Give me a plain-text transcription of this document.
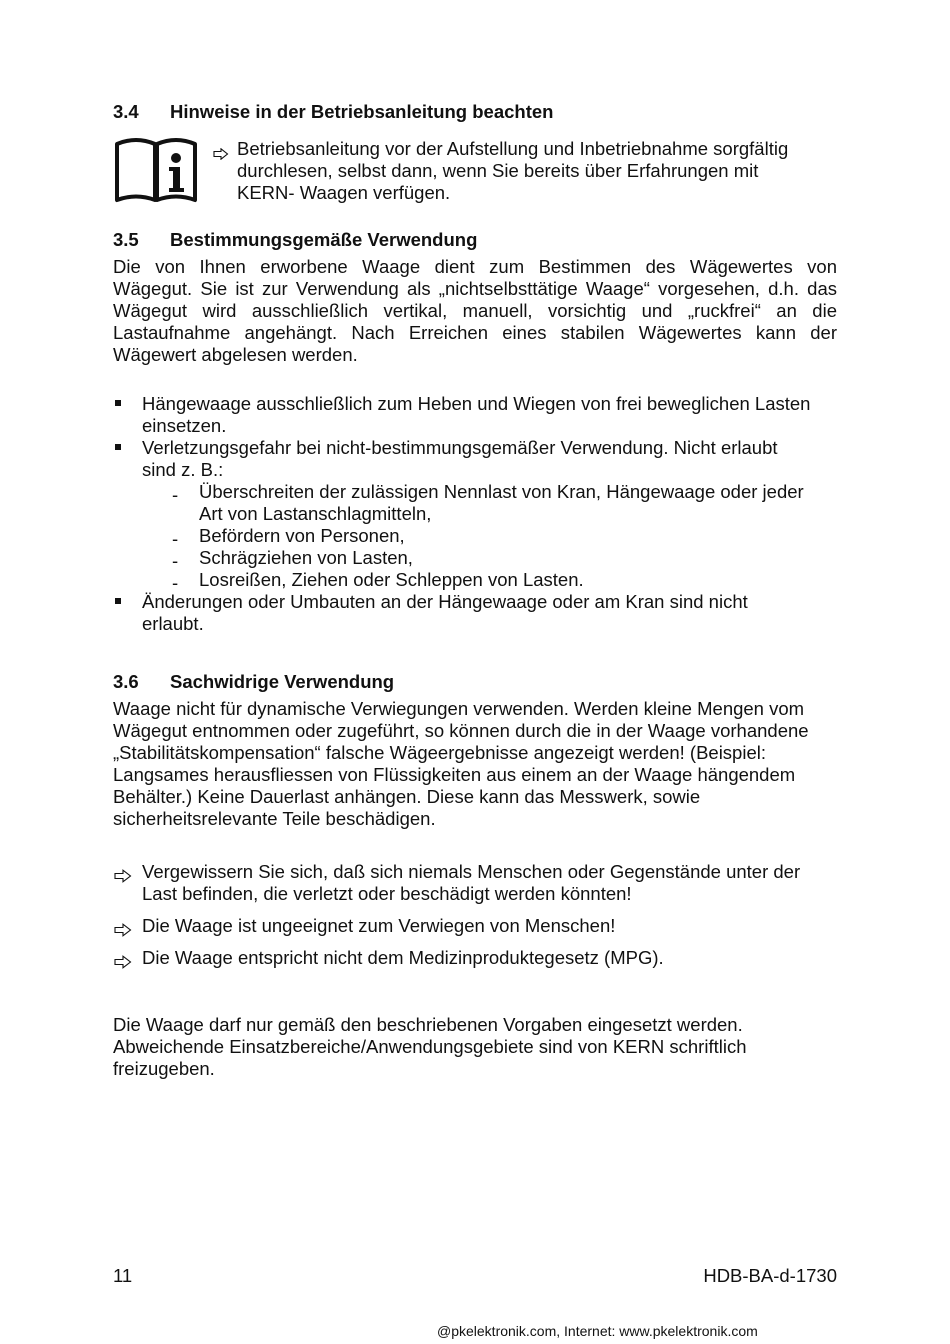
3.4 Hinweise in der Betriebsanleitung beachten
Betriebsanleitung vor der Aufstellung und Inbetriebnahme sorgfältig
durchlesen, selbst dann, wenn Sie bereits über Erfahrungen mit
KERN- Waagen verfügen.
3.5 Bestimmungsgemäße Verwendung
Die von Ihnen erworbene Waage dient zum Bestimmen des Wägewertes von
Wägegut. Sie ist zur Verwendung als „nichtselbsttätige Waage“ vorgesehen, d.h. das
Wägegut wird ausschließlich vertikal, manuell, vorsichtig und „ruckfrei“ an die
Lastaufnahme angehängt. Nach Erreichen eines stabilen Wägewertes kann der
Wägewert abgelesen werden.
Hängewaage ausschließlich zum Heben und Wiegen von frei beweglichen Lasten
einsetzen.
Verletzungsgefahr bei nicht-bestimmungsgemäßer Verwendung. Nicht erlaubt
sind z. B.:
- Überschreiten der zulässigen Nennlast von Kran, Hängewaage oder jeder
Art von Lastanschlagmitteln,
- Befördern von Personen,
- Schrägziehen von Lasten,
- Losreißen, Ziehen oder Schleppen von Lasten.
Änderungen oder Umbauten an der Hängewaage oder am Kran sind nicht
erlaubt.
3.6 Sachwidrige Verwendung
Waage nicht für dynamische Verwiegungen verwenden. Werden kleine Mengen vom
Wägegut entnommen oder zugeführt, so können durch die in der Waage vorhandene
„Stabilitätskompensation“ falsche Wägeergebnisse angezeigt werden! (Beispiel:
Langsames herausfliessen von Flüssigkeiten aus einem an der Waage hängendem
Behälter.) Keine Dauerlast anhängen. Diese kann das Messwerk, sowie
sicherheitsrelevante Teile beschädigen.
Vergewissern Sie sich, daß sich niemals Menschen oder Gegenstände unter der
Last befinden, die verletzt oder beschädigt werden könnten!
Die Waage ist ungeeignet zum Verwiegen von Menschen!
Die Waage entspricht nicht dem Medizinproduktegesetz (MPG).
Die Waage darf nur gemäß den beschriebenen Vorgaben eingesetzt werden.
Abweichende Einsatzbereiche/Anwendungsgebiete sind von KERN schriftlich
freizugeben.
11	HDB-BA-d-1730
@pkelektronik.com, Internet: www.pkelektronik.com
